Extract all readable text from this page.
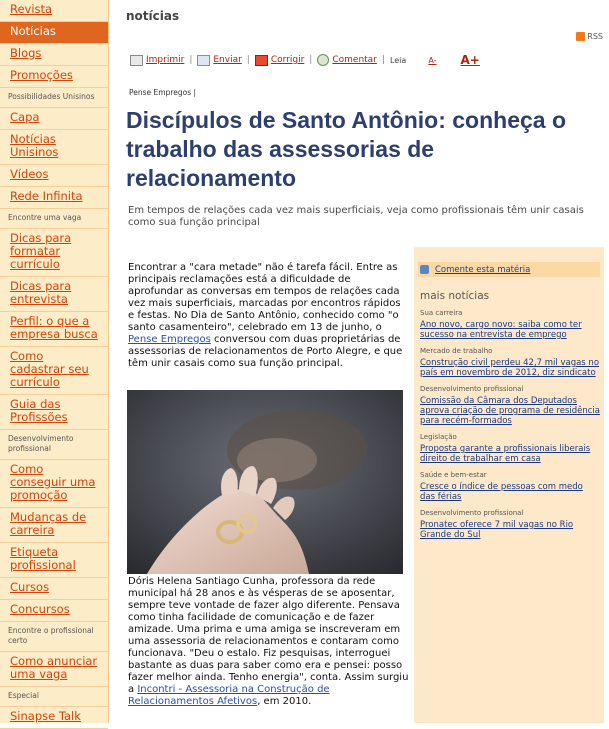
Revista
Notícias
Blogs
Promoções
Possibilidades Unisinos
Capa
Notícias Unisinos
Vídeos
Rede Infinita
Encontre uma vaga
Dicas para formatar currículo
Dicas para entrevista
Perfil: o que a empresa busca
Como cadastrar seu currículo
Guia das Profissões
Desenvolvimento profissional
Como conseguir uma promoção
Mudanças de carreira
Etiqueta profissional
Cursos
Concursos
Encontre o profissional certo
Como anunciar uma vaga
Especial
Sinapse Talk
notícias
RSS
Imprimir | Enviar | Corrigir | Comentar | Leia	A- A+
Pense Empregos |
Discípulos de Santo Antônio: conheça o trabalho das assessorias de relacionamento
Em tempos de relações cada vez mais superficiais, veja como profissionais têm unir casais como sua função principal

Encontrar a "cara metade" não é tarefa fácil. Entre as principais reclamações está a dificuldade de aprofundar as conversas em tempos de relações cada vez mais superficiais, marcadas por encontros rápidos e festas. No Dia de Santo Antônio, conhecido como "o santo casamenteiro", celebrado em 13 de junho, o Pense Empregos conversou com duas proprietárias de assessorias de relacionamentos de Porto Alegre, e que têm unir casais como sua função principal.

Dóris Helena Santiago Cunha, professora da rede municipal há 28 anos e às vésperas de se aposentar, sempre teve vontade de fazer algo diferente. Pensava como tinha facilidade de comunicação e de fazer amizade. Uma prima e uma amiga se inscreveram em uma assessoria de relacionamentos e contaram como funcionava. "Deu o estalo. Fiz pesquisas, interroguei bastante as duas para saber como era e pensei: posso fazer melhor ainda. Tenho energia", conta. Assim surgiu a Incontri - Assessoria na Construção de Relacionamentos Afetivos, em 2010.

Comente esta matéria
mais notícias
Sua carreira
Ano novo, cargo novo: saiba como ter sucesso na entrevista de emprego
Mercado de trabalho
Construção civil perdeu 42,7 mil vagas no país em novembro de 2012, diz sindicato
Desenvolvimento profissional
Comissão da Câmara dos Deputados aprova criação de programa de residência para recém-formados
Legislação
Proposta garante a profissionais liberais direito de trabalhar em casa
Saúde e bem-estar
Cresce o índice de pessoas com medo das férias
Desenvolvimento profissional
Pronatec oferece 7 mil vagas no Rio Grande do Sul
